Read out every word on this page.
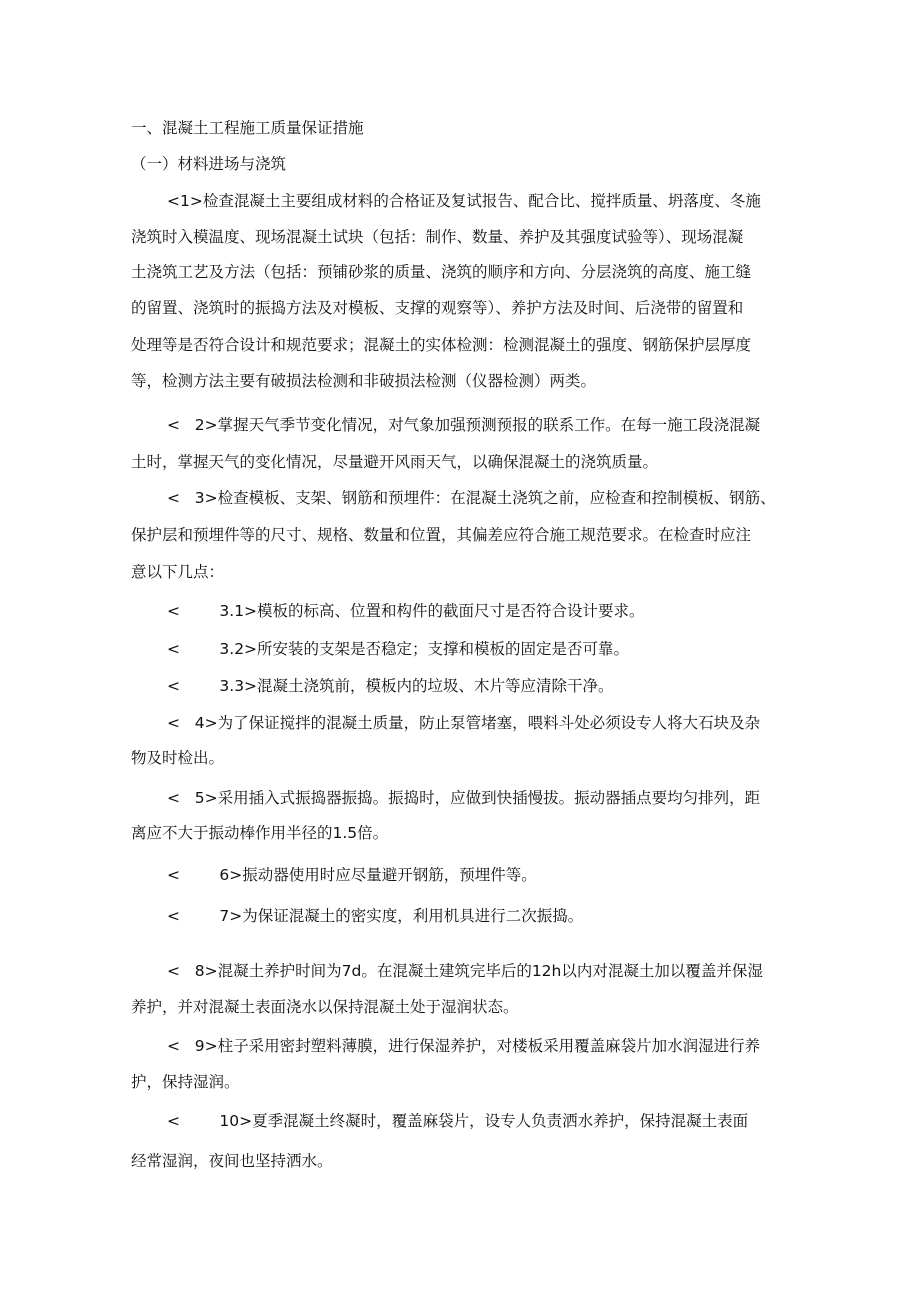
一、混凝土工程施工质量保证措施
（一）材料进场与浇筑
<1>检查混凝土主要组成材料的合格证及复试报告、配合比、搅拌质量、坍落度、冬施
浇筑时入模温度、现场混凝土试块（包括：制作、数量、养护及其强度试验等）、现场混凝
土浇筑工艺及方法（包括：预铺砂浆的质量、浇筑的顺序和方向、分层浇筑的高度、施工缝
的留置、浇筑时的振捣方法及对模板、支撑的观察等）、养护方法及时间、后浇带的留置和
处理等是否符合设计和规范要求；混凝土的实体检测：检测混凝土的强度、钢筋保护层厚度
等，检测方法主要有破损法检测和非破损法检测（仪器检测）两类。
<   2>掌握天气季节变化情况，对气象加强预测预报的联系工作。在每一施工段浇混凝
土时，掌握天气的变化情况，尽量避开风雨天气，以确保混凝土的浇筑质量。
<   3>检查模板、支架、钢筋和预埋件：在混凝土浇筑之前，应检查和控制模板、钢筋、
保护层和预埋件等的尺寸、规格、数量和位置，其偏差应符合施工规范要求。在检查时应注
意以下几点：
<        3.1>模板的标高、位置和构件的截面尺寸是否符合设计要求。
<        3.2>所安装的支架是否稳定；支撑和模板的固定是否可靠。
<        3.3>混凝土浇筑前，模板内的垃圾、木片等应清除干净。
<   4>为了保证搅拌的混凝土质量，防止泵管堵塞，喂料斗处必须设专人将大石块及杂
物及时检出。
<   5>采用插入式振捣器振捣。振捣时，应做到快插慢拔。振动器插点要均匀排列，距
离应不大于振动棒作用半径的1.5倍。
<        6>振动器使用时应尽量避开钢筋，预埋件等。
<        7>为保证混凝土的密实度，利用机具进行二次振捣。
<   8>混凝土养护时间为7d。在混凝土建筑完毕后的12h以内对混凝土加以覆盖并保湿
养护，并对混凝土表面浇水以保持混凝土处于湿润状态。
<   9>柱子采用密封塑料薄膜，进行保湿养护，对楼板采用覆盖麻袋片加水润湿进行养
护，保持湿润。
<        10>夏季混凝土终凝时，覆盖麻袋片，设专人负责洒水养护，保持混凝土表面
经常湿润，夜间也坚持洒水。
